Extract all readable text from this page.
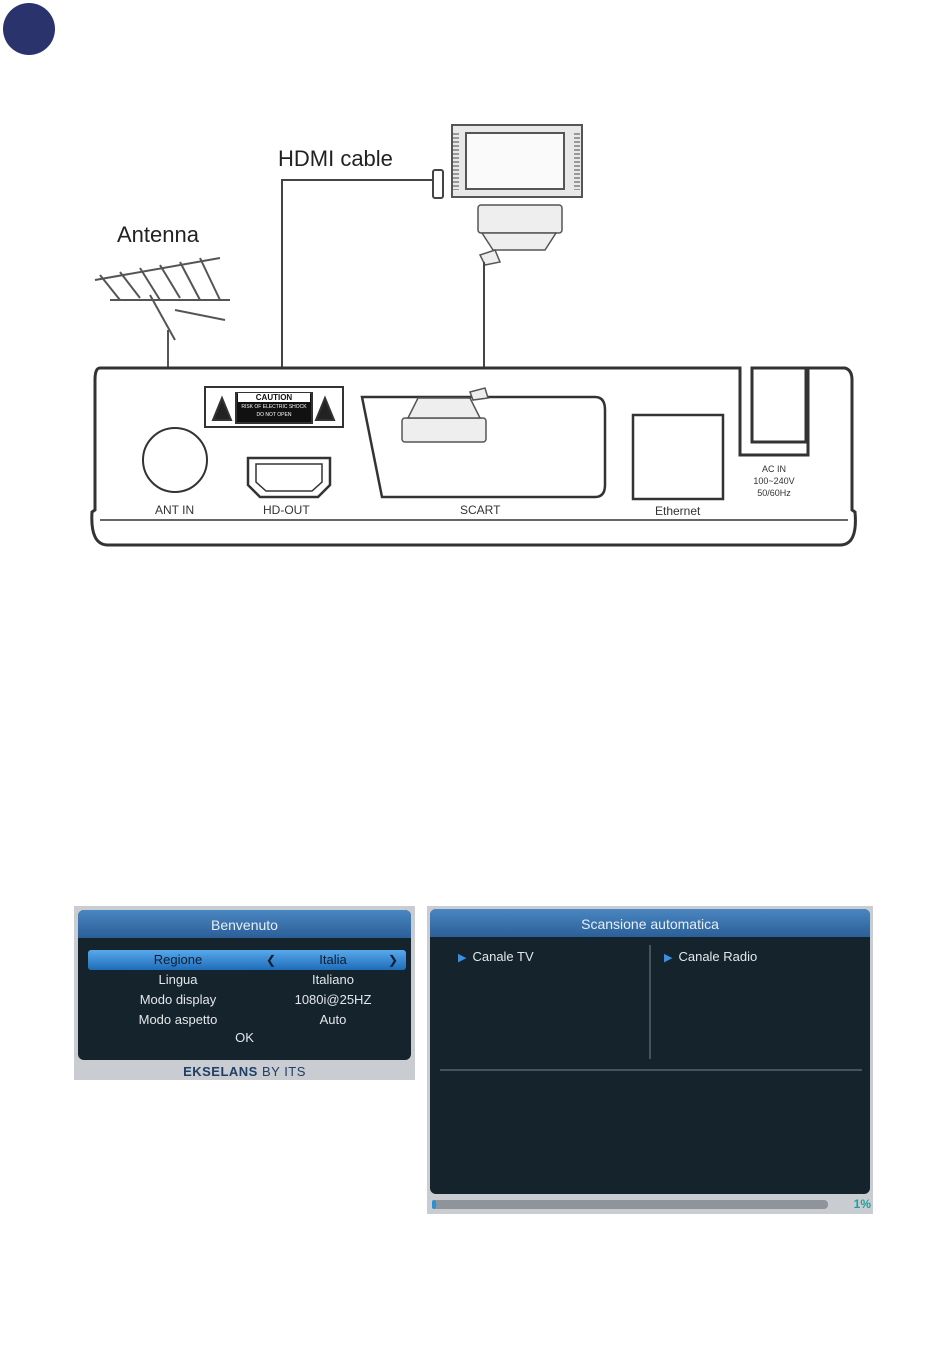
HDMI cable
Antenna
CAUTION
RISK OF ELECTRIC SHOCK
DO NOT OPEN
ANT IN	HD-OUT	SCART	Ethernet
AC IN
100~240V
50/60Hz
Benvenuto
Regione	❮	Italia	❯
Lingua	Italiano
Modo display	1080i@25HZ
Modo aspetto	Auto
OK
EKSELANS BY ITS
Scansione automatica
▶ Canale TV	▶ Canale Radio
1%
